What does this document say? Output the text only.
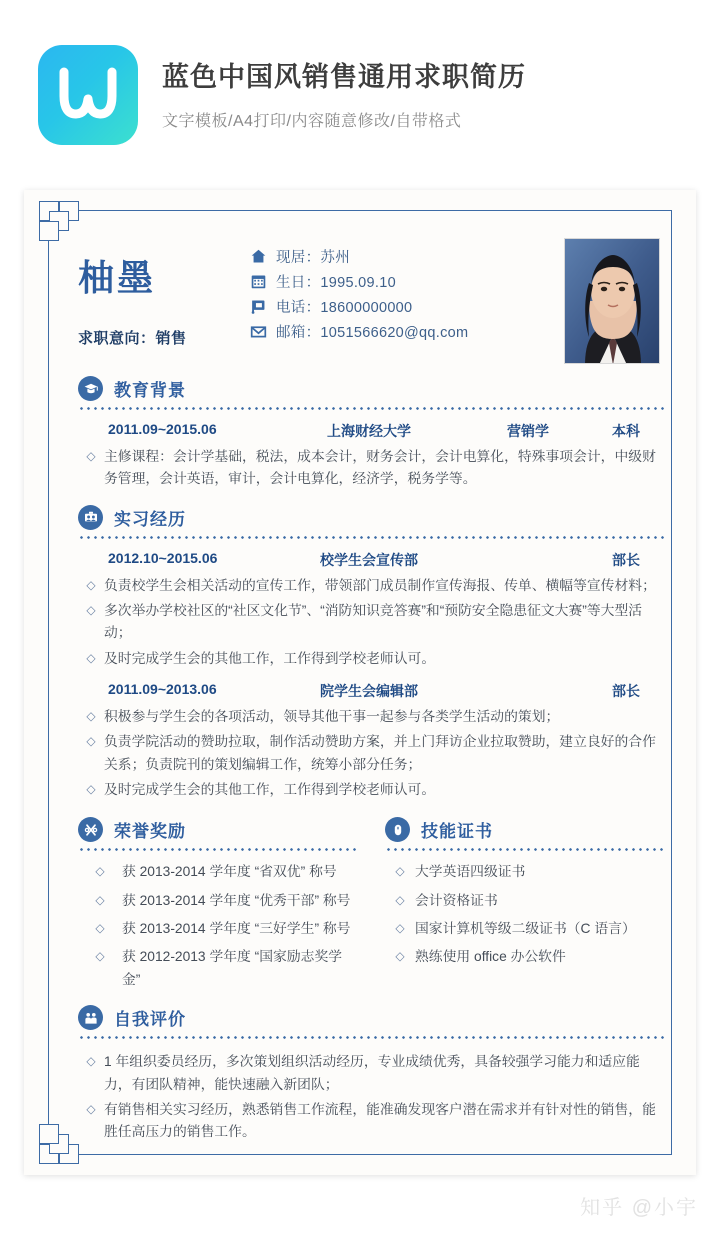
蓝色中国风销售通用求职简历
文字模板/A4打印/内容随意修改/自带格式
柚墨
求职意向：销售
现居：苏州
生日：1995.09.10
电话：18600000000
邮箱：1051566620@qq.com
教育背景
2011.09~2015.06	上海财经大学	营销学	本科
◇ 主修课程：会计学基础，税法，成本会计，财务会计，会计电算化，特殊事项会计，中级财务管理，会计英语，审计，会计电算化，经济学，税务学等。
实习经历
2012.10~2015.06	校学生会宣传部	部长
◇ 负责校学生会相关活动的宣传工作，带领部门成员制作宣传海报、传单、横幅等宣传材料；
◇ 多次举办学校社区的“社区文化节”、“消防知识竞答赛”和“预防安全隐患征文大赛”等大型活动；
◇ 及时完成学生会的其他工作，工作得到学校老师认可。
2011.09~2013.06	院学生会编辑部	部长
◇ 积极参与学生会的各项活动，领导其他干事一起参与各类学生活动的策划；
◇ 负责学院活动的赞助拉取，制作活动赞助方案，并上门拜访企业拉取赞助，建立良好的合作关系；负责院刊的策划编辑工作，统筹小部分任务；
◇ 及时完成学生会的其他工作，工作得到学校老师认可。
荣誉奖励
◇	获 2013-2014 学年度 “省双优” 称号
◇	获 2013-2014 学年度 “优秀干部” 称号
◇	获 2013-2014 学年度 “三好学生” 称号
◇	获 2012-2013 学年度 “国家励志奖学金”
技能证书
◇ 大学英语四级证书
◇ 会计资格证书
◇ 国家计算机等级二级证书（C 语言）
◇ 熟练使用 office 办公软件
自我评价
◇ 1 年组织委员经历，多次策划组织活动经历，专业成绩优秀，具备较强学习能力和适应能力，有团队精神，能快速融入新团队；
◇ 有销售相关实习经历，熟悉销售工作流程，能准确发现客户潜在需求并有针对性的销售，能胜任高压力的销售工作。
知乎 @小宇
